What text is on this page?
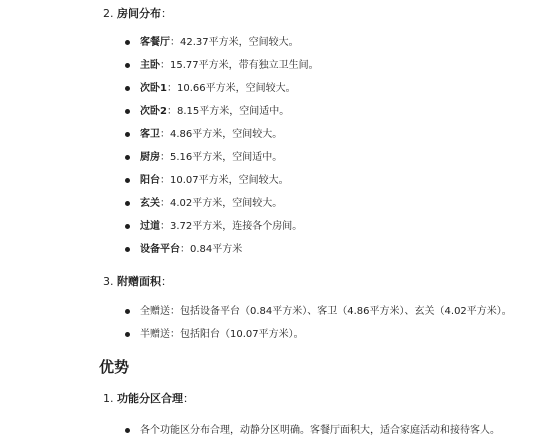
2. 房间分布：
客餐厅：42.37平方米，空间较大。
主卧：15.77平方米，带有独立卫生间。
次卧1：10.66平方米，空间较大。
次卧2：8.15平方米，空间适中。
客卫：4.86平方米，空间较大。
厨房：5.16平方米，空间适中。
阳台：10.07平方米，空间较大。
玄关：4.02平方米，空间较大。
过道：3.72平方米，连接各个房间。
设备平台：0.84平方米
3. 附赠面积：
全赠送：包括设备平台（0.84平方米）、客卫（4.86平方米）、玄关（4.02平方米）。
半赠送：包括阳台（10.07平方米）。
优势
1. 功能分区合理：
各个功能区分布合理，动静分区明确。客餐厅面积大，适合家庭活动和接待客人。
